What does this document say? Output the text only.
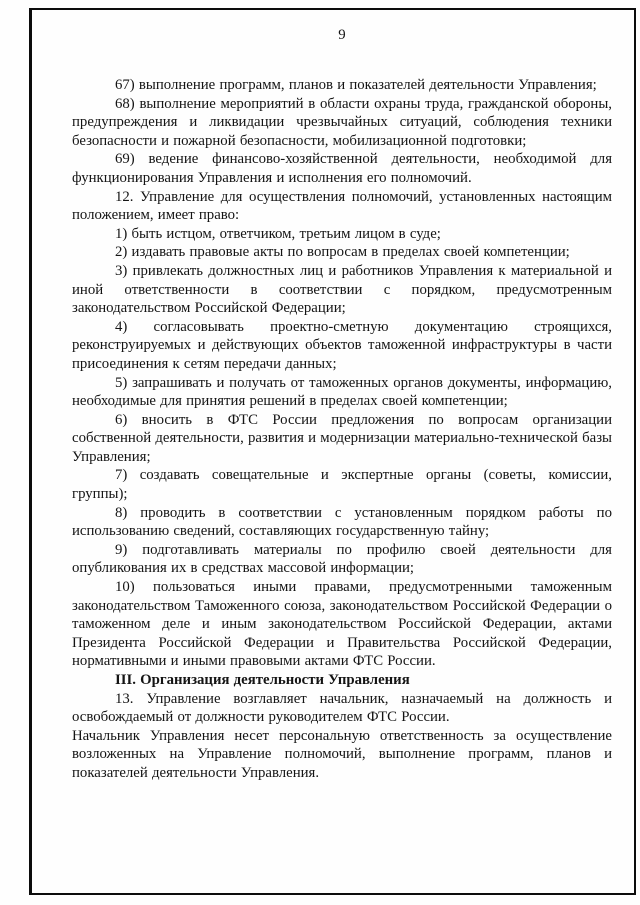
9

67) выполнение программ, планов и показателей деятельности Управления;

68) выполнение мероприятий в области охраны труда, гражданской обороны, предупреждения и ликвидации чрезвычайных ситуаций, соблюдения техники безопасности и пожарной безопасности, мобилизационной подготовки;

69) ведение финансово-хозяйственной деятельности, необходимой для функционирования Управления и исполнения его полномочий.

12. Управление для осуществления полномочий, установленных настоящим положением, имеет право:

1) быть истцом, ответчиком, третьим лицом в суде;

2) издавать правовые акты по вопросам в пределах своей компетенции;

3) привлекать должностных лиц и работников Управления к материальной и иной ответственности в соответствии с порядком, предусмотренным законодательством Российской Федерации;

4) согласовывать проектно-сметную документацию строящихся, реконструируемых и действующих объектов таможенной инфраструктуры в части присоединения к сетям передачи данных;

5) запрашивать и получать от таможенных органов документы, информацию, необходимые для принятия решений в пределах своей компетенции;

6) вносить в ФТС России предложения по вопросам организации собственной деятельности, развития и модернизации материально-технической базы Управления;

7) создавать совещательные и экспертные органы (советы, комиссии, группы);

8) проводить в соответствии с установленным порядком работы по использованию сведений, составляющих государственную тайну;

9) подготавливать материалы по профилю своей деятельности для опубликования их в средствах массовой информации;

10) пользоваться иными правами, предусмотренными таможенным законодательством Таможенного союза, законодательством Российской Федерации о таможенном деле и иным законодательством Российской Федерации, актами Президента Российской Федерации и Правительства Российской Федерации, нормативными и иными правовыми актами ФТС России.

III. Организация деятельности Управления

13. Управление возглавляет начальник, назначаемый на должность и освобождаемый от должности руководителем ФТС России.

Начальник Управления несет персональную ответственность за осуществление возложенных на Управление полномочий, выполнение программ, планов и показателей деятельности Управления.
